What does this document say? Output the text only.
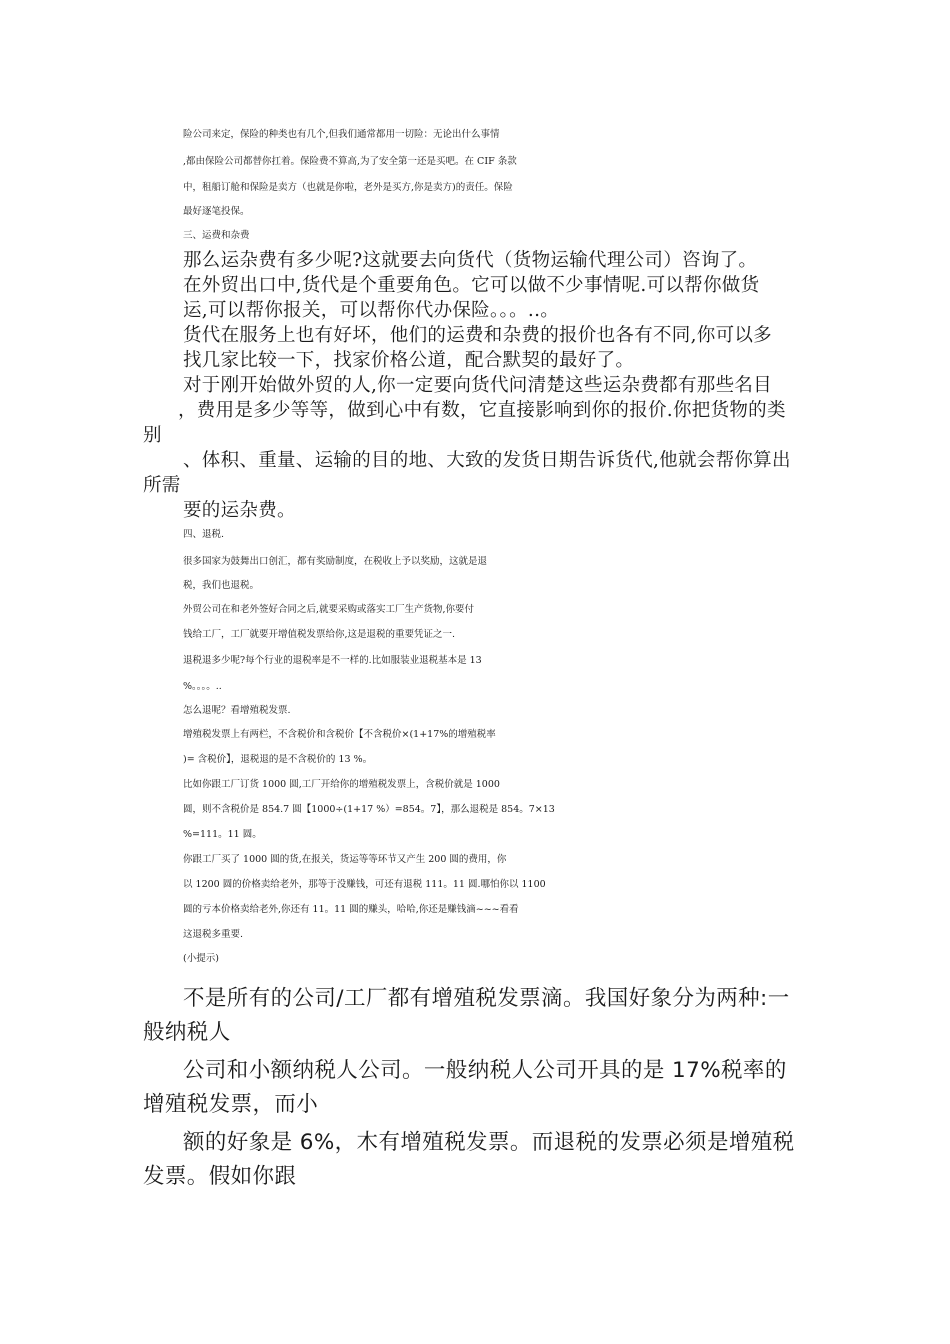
险公司来定，保险的种类也有几个,但我们通常都用一切险：无论出什么事情
,都由保险公司都替你扛着。保险费不算高,为了安全第一还是买吧。在 CIF 条款
中，租船订舱和保险是卖方（也就是你啦，老外是买方,你是卖方)的责任。保险
最好逐笔投保。
三、运费和杂费
那么运杂费有多少呢?这就要去向货代（货物运输代理公司）咨询了。
在外贸出口中,货代是个重要角色。它可以做不少事情呢.可以帮你做货
运,可以帮你报关，可以帮你代办保险。。。..。
货代在服务上也有好坏，他们的运费和杂费的报价也各有不同,你可以多
找几家比较一下，找家价格公道，配合默契的最好了。
对于刚开始做外贸的人,你一定要向货代问清楚这些运杂费都有那些名目
，费用是多少等等，做到心中有数，它直接影响到你的报价.你把货物的类
别
、体积、重量、运输的目的地、大致的发货日期告诉货代,他就会帮你算出
所需
要的运杂费。
四、退税.
很多国家为鼓舞出口创汇，都有奖励制度，在税收上予以奖励，这就是退
税，我们也退税。
外贸公司在和老外签好合同之后,就要采购或落实工厂生产货物,你要付
钱给工厂，工厂就要开增值税发票给你,这是退税的重要凭证之一.
退税退多少呢?每个行业的退税率是不一样的.比如服装业退税基本是 13
%。。。。..
怎么退呢？看增殖税发票.
增殖税发票上有两栏，不含税价和含税价【不含税价×(1+17%的增殖税率
)= 含税价】，退税退的是不含税价的 13 %。
比如你跟工厂订货 1000 圆,工厂开给你的增殖税发票上，含税价就是 1000
圆，则不含税价是 854.7 圆【1000÷(1+17 %）=854。7】，那么退税是 854。7×13
%=111。11 圆。
你跟工厂买了 1000 圆的货,在报关，货运等等环节又产生 200 圆的费用，你
以 1200 圆的价格卖给老外，那等于没赚钱，可还有退税 111。11 圆.哪怕你以 1100
圆的亏本价格卖给老外,你还有 11。11 圆的赚头，哈哈,你还是赚钱滴~~~看看
这退税多重要.
(小提示)
不是所有的公司/工厂都有增殖税发票滴。我国好象分为两种:一
般纳税人
公司和小额纳税人公司。一般纳税人公司开具的是 17%税率的
增殖税发票，而小
额的好象是 6%，木有增殖税发票。而退税的发票必须是增殖税
发票。假如你跟
